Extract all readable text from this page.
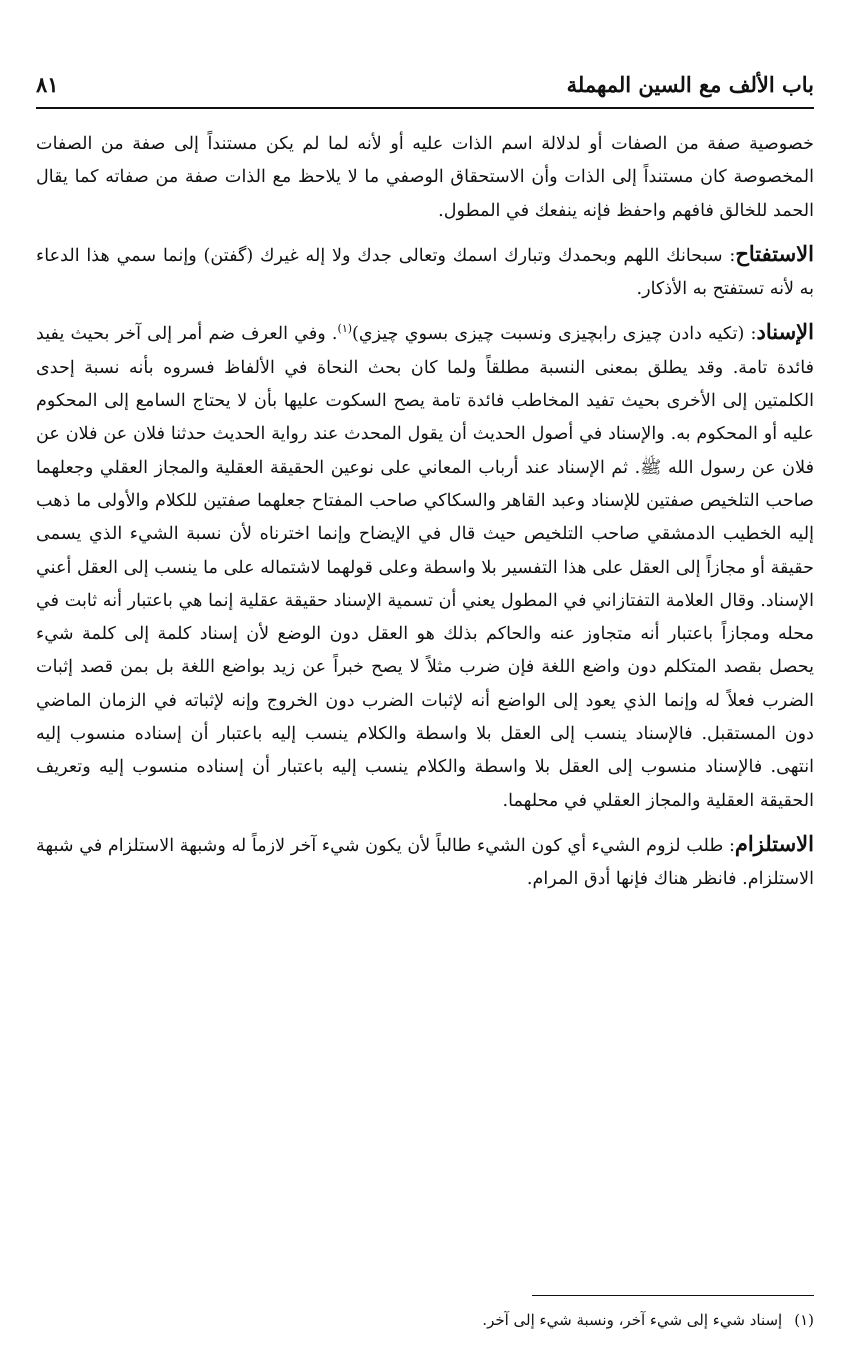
باب الألف مع السين المهملة
٨١

خصوصية صفة من الصفات أو لدلالة اسم الذات عليه أو لأنه لما لم يكن مستنداً إلى صفة من الصفات المخصوصة كان مستنداً إلى الذات وأن الاستحقاق الوصفي ما لا يلاحظ مع الذات صفة من صفاته كما يقال الحمد للخالق فافهم واحفظ فإنه ينفعك في المطول.

الاستفتاح: سبحانك اللهم وبحمدك وتبارك اسمك وتعالى جدك ولا إله غيرك (گفتن) وإنما سمي هذا الدعاء به لأنه تستفتح به الأذكار.

الإسناد: (تكيه دادن چيزى رابچيزى ونسبت چيزى بسوي چيزي)$^{(١)}$. وفي العرف ضم أمر إلى آخر بحيث يفيد فائدة تامة. وقد يطلق بمعنى النسبة مطلقاً ولما كان بحث النحاة في الألفاظ فسروه بأنه نسبة إحدى الكلمتين إلى الأخرى بحيث تفيد المخاطب فائدة تامة يصح السكوت عليها بأن لا يحتاج السامع إلى المحكوم عليه أو المحكوم به. والإسناد في أصول الحديث أن يقول المحدث عند رواية الحديث حدثنا فلان عن فلان عن فلان عن رسول الله ﷺ. ثم الإسناد عند أرباب المعاني على نوعين الحقيقة العقلية والمجاز العقلي وجعلهما صاحب التلخيص صفتين للإسناد وعبد القاهر والسكاكي صاحب المفتاح جعلهما صفتين للكلام والأولى ما ذهب إليه الخطيب الدمشقي صاحب التلخيص حيث قال في الإيضاح وإنما اخترناه لأن نسبة الشيء الذي يسمى حقيقة أو مجازاً إلى العقل على هذا التفسير بلا واسطة وعلى قولهما لاشتماله على ما ينسب إلى العقل أعني الإسناد. وقال العلامة التفتازاني في المطول يعني أن تسمية الإسناد حقيقة عقلية إنما هي باعتبار أنه ثابت في محله ومجازاً باعتبار أنه متجاوز عنه والحاكم بذلك هو العقل دون الوضع لأن إسناد كلمة إلى كلمة شيء يحصل بقصد المتكلم دون واضع اللغة فإن ضرب مثلاً لا يصح خبراً عن زيد بواضع اللغة بل بمن قصد إثبات الضرب فعلاً له وإنما الذي يعود إلى الواضع أنه لإثبات الضرب دون الخروج وإنه لإثباته في الزمان الماضي دون المستقبل. فالإسناد ينسب إلى العقل بلا واسطة والكلام ينسب إليه باعتبار أن إسناده منسوب إليه انتهى. فالإسناد منسوب إلى العقل بلا واسطة والكلام ينسب إليه باعتبار أن إسناده منسوب إليه وتعريف الحقيقة العقلية والمجاز العقلي في محلهما.

الاستلزام: طلب لزوم الشيء أي كون الشيء طالباً لأن يكون شيء آخر لازماً له وشبهة الاستلزام في شبهة الاستلزام. فانظر هناك فإنها أدق المرام.

(١)إسناد شيء إلى شيء آخر، ونسبة شيء إلى آخر.
